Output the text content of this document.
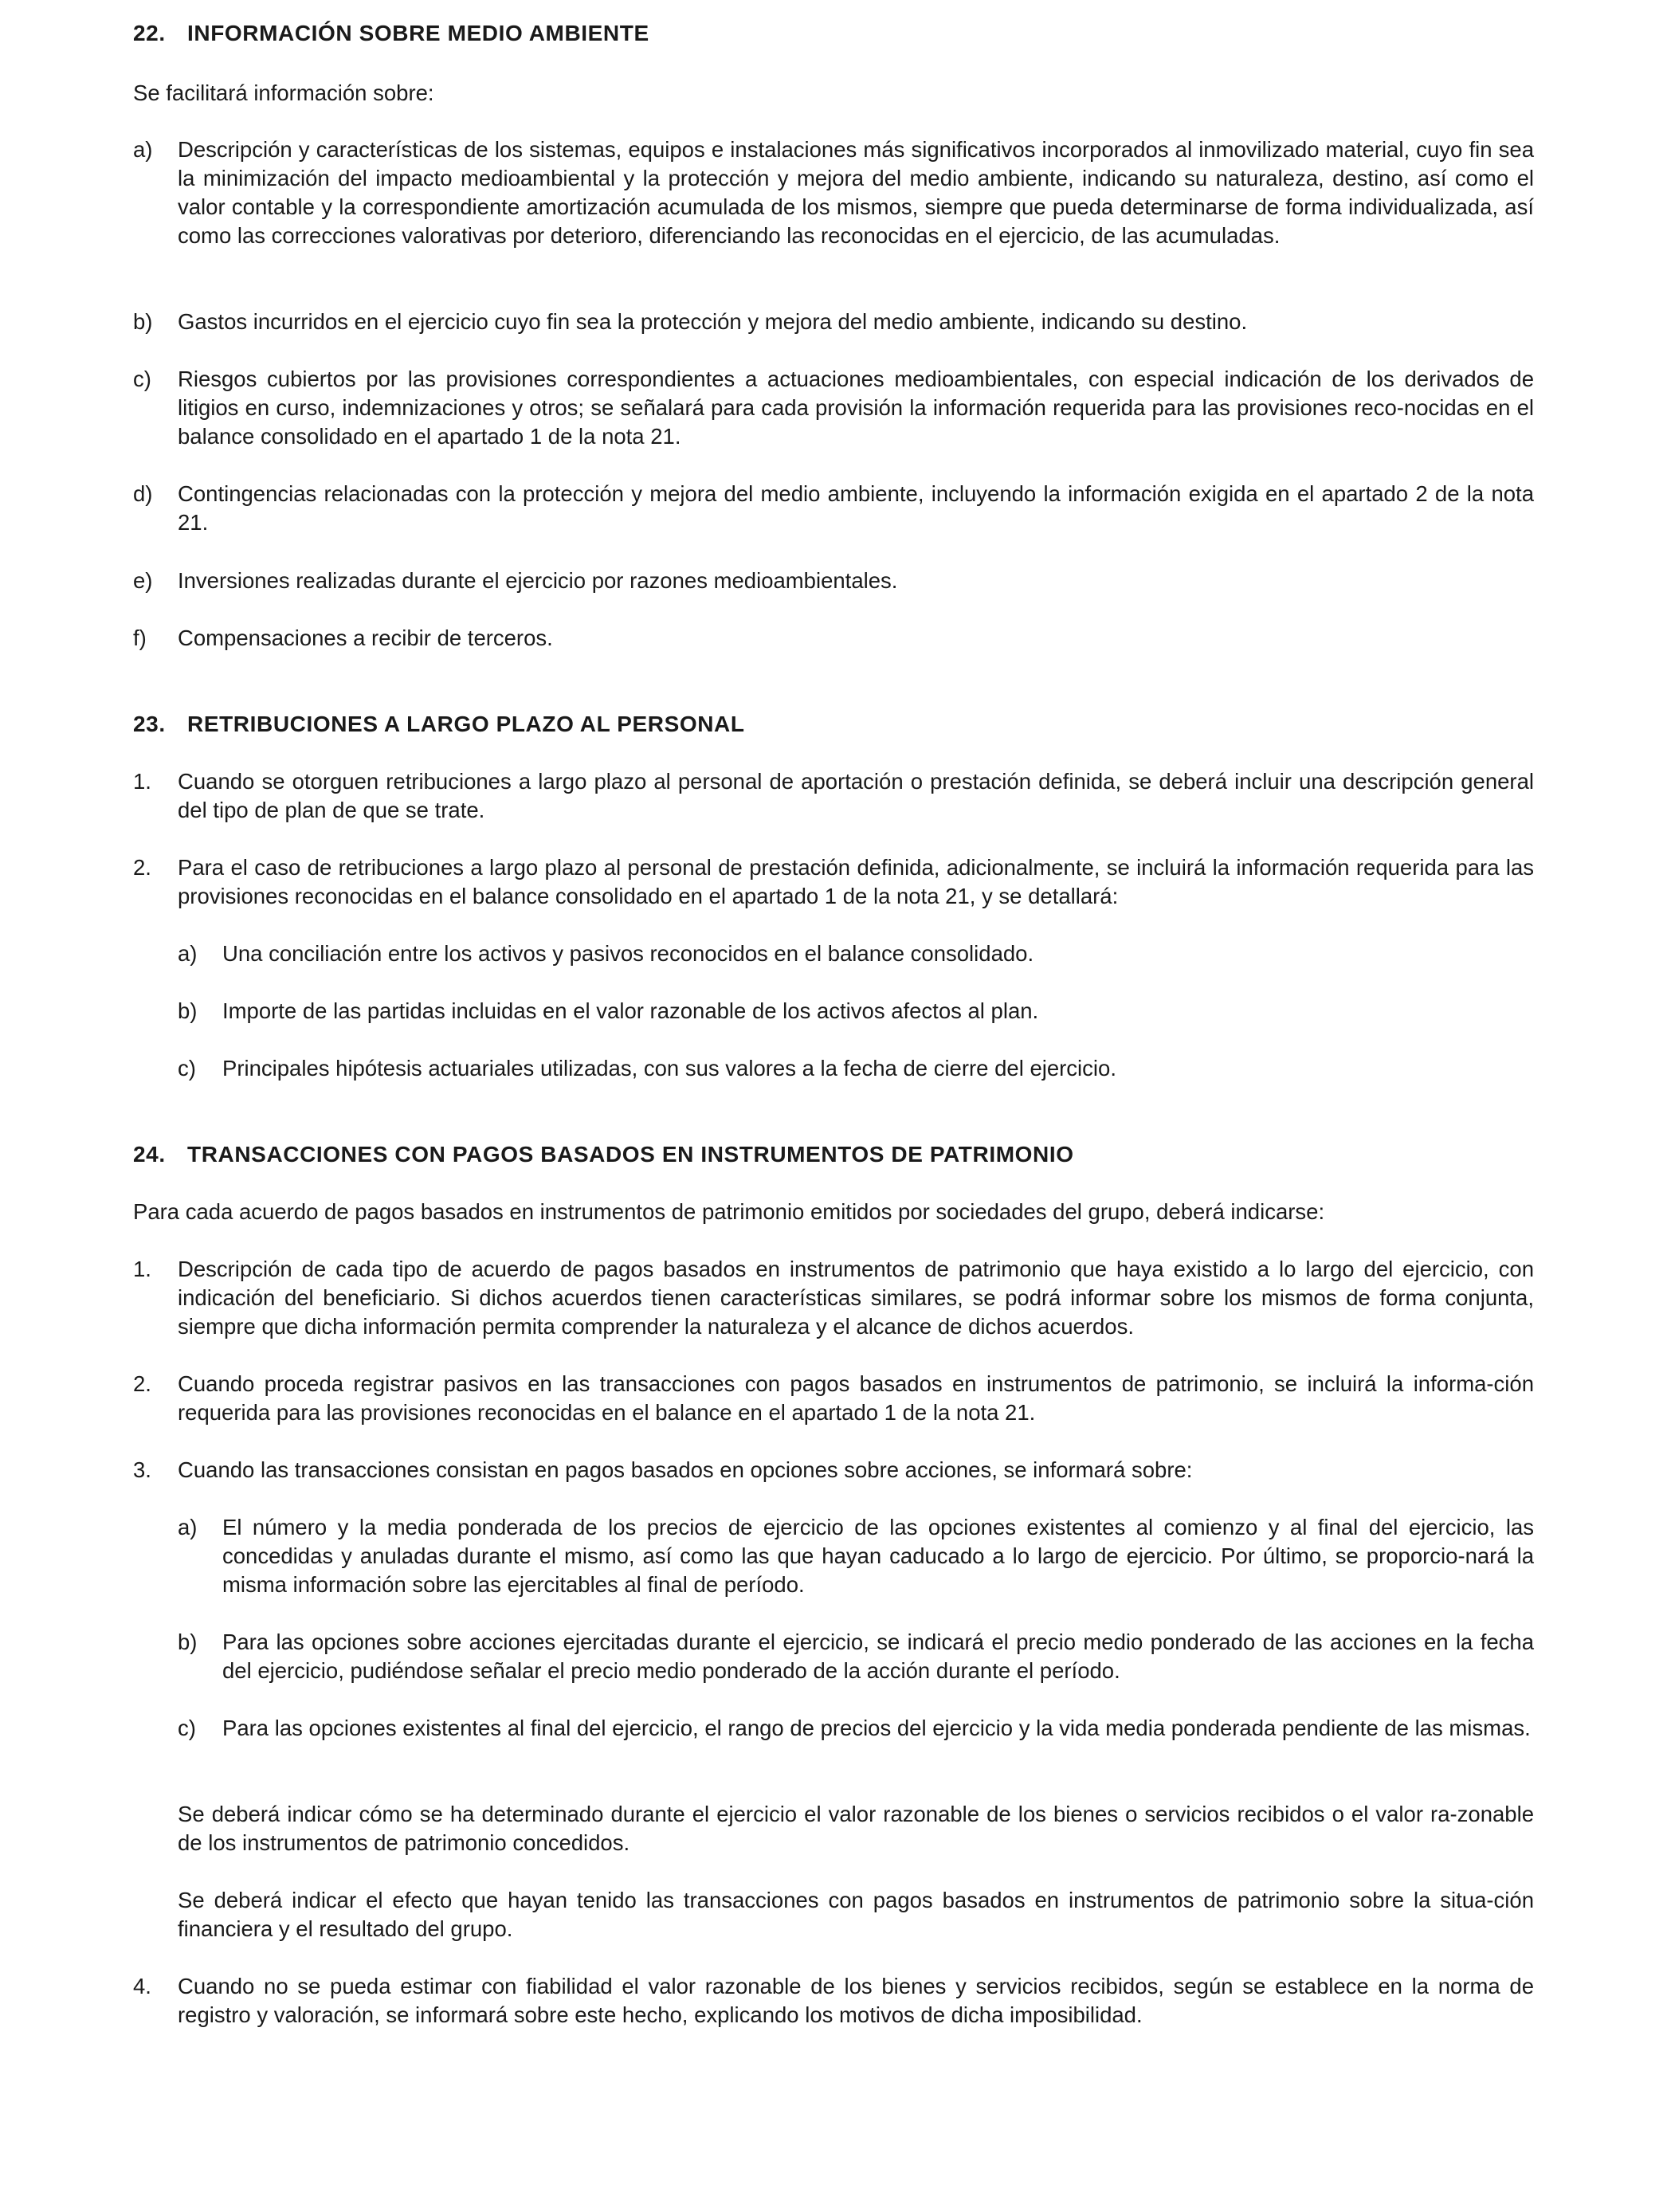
22. INFORMACIÓN SOBRE MEDIO AMBIENTE

Se facilitará información sobre:

a) Descripción y características de los sistemas, equipos e instalaciones más significativos incorporados al inmovilizado material, cuyo fin sea la minimización del impacto medioambiental y la protección y mejora del medio ambiente, indicando su naturaleza, destino, así como el valor contable y la correspondiente amortización acumulada de los mismos, siempre que pueda determinarse de forma individualizada, así como las correcciones valorativas por deterioro, diferenciando las reconocidas en el ejercicio, de las acumuladas.

b) Gastos incurridos en el ejercicio cuyo fin sea la protección y mejora del medio ambiente, indicando su destino.

c) Riesgos cubiertos por las provisiones correspondientes a actuaciones medioambientales, con especial indicación de los derivados de litigios en curso, indemnizaciones y otros; se señalará para cada provisión la información requerida para las provisiones reco-nocidas en el balance consolidado en el apartado 1 de la nota 21.

d) Contingencias relacionadas con la protección y mejora del medio ambiente, incluyendo la información exigida en el apartado 2 de la nota 21.

e) Inversiones realizadas durante el ejercicio por razones medioambientales.

f) Compensaciones a recibir de terceros.

23. RETRIBUCIONES A LARGO PLAZO AL PERSONAL
1. Cuando se otorguen retribuciones a largo plazo al personal de aportación o prestación definida, se deberá incluir una descripción general del tipo de plan de que se trate.

2. Para el caso de retribuciones a largo plazo al personal de prestación definida, adicionalmente, se incluirá la información requerida para las provisiones reconocidas en el balance consolidado en el apartado 1 de la nota 21, y se detallará:

a) Una conciliación entre los activos y pasivos reconocidos en el balance consolidado.

b) Importe de las partidas incluidas en el valor razonable de los activos afectos al plan.

c) Principales hipótesis actuariales utilizadas, con sus valores a la fecha de cierre del ejercicio.

24. TRANSACCIONES CON PAGOS BASADOS EN INSTRUMENTOS DE PATRIMONIO

Para cada acuerdo de pagos basados en instrumentos de patrimonio emitidos por sociedades del grupo, deberá indicarse:

1. Descripción de cada tipo de acuerdo de pagos basados en instrumentos de patrimonio que haya existido a lo largo del ejercicio, con indicación del beneficiario. Si dichos acuerdos tienen características similares, se podrá informar sobre los mismos de forma conjunta, siempre que dicha información permita comprender la naturaleza y el alcance de dichos acuerdos.

2. Cuando proceda registrar pasivos en las transacciones con pagos basados en instrumentos de patrimonio, se incluirá la informa-ción requerida para las provisiones reconocidas en el balance en el apartado 1 de la nota 21.

3. Cuando las transacciones consistan en pagos basados en opciones sobre acciones, se informará sobre:

a) El número y la media ponderada de los precios de ejercicio de las opciones existentes al comienzo y al final del ejercicio, las concedidas y anuladas durante el mismo, así como las que hayan caducado a lo largo de ejercicio. Por último, se proporcio-nará la misma información sobre las ejercitables al final de período.

b) Para las opciones sobre acciones ejercitadas durante el ejercicio, se indicará el precio medio ponderado de las acciones en la fecha del ejercicio, pudiéndose señalar el precio medio ponderado de la acción durante el período.

c) Para las opciones existentes al final del ejercicio, el rango de precios del ejercicio y la vida media ponderada pendiente de las mismas.

Se deberá indicar cómo se ha determinado durante el ejercicio el valor razonable de los bienes o servicios recibidos o el valor ra-zonable de los instrumentos de patrimonio concedidos.

Se deberá indicar el efecto que hayan tenido las transacciones con pagos basados en instrumentos de patrimonio sobre la situa-ción financiera y el resultado del grupo.

4. Cuando no se pueda estimar con fiabilidad el valor razonable de los bienes y servicios recibidos, según se establece en la norma de registro y valoración, se informará sobre este hecho, explicando los motivos de dicha imposibilidad.
